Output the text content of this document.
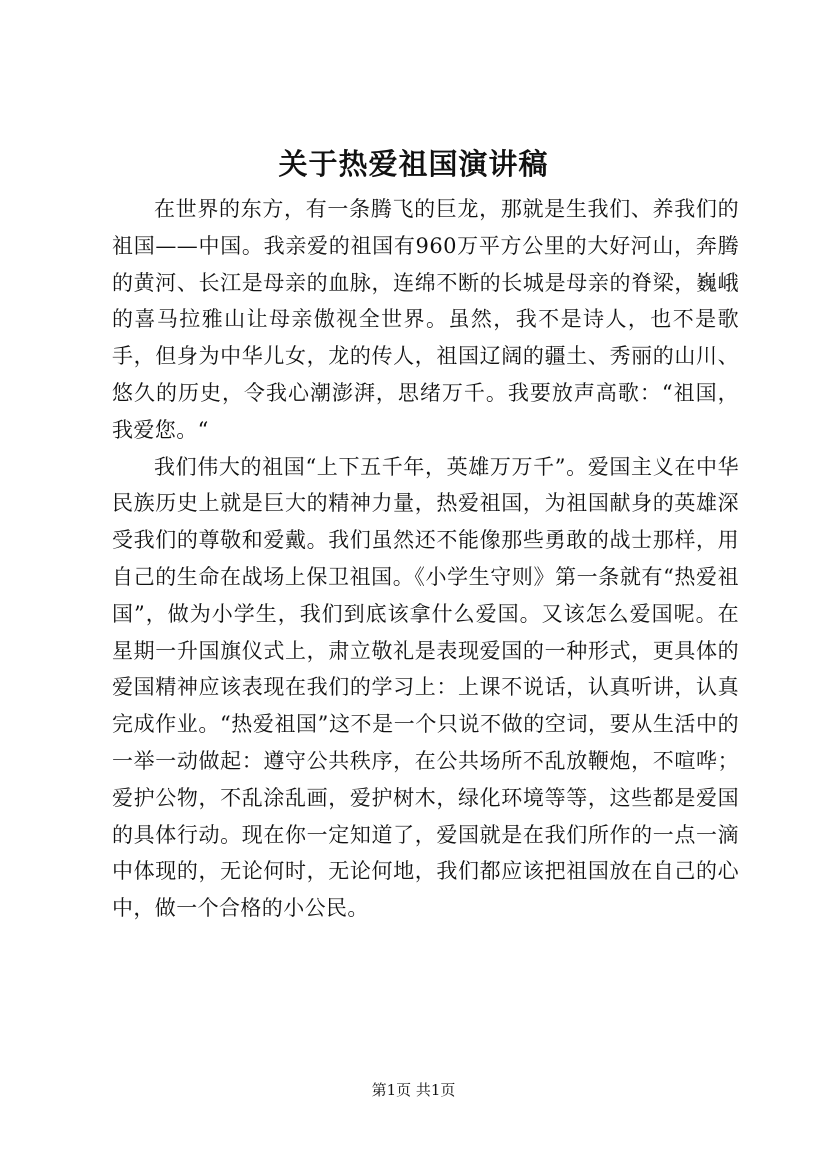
关于热爱祖国演讲稿

在世界的东方，有一条腾飞的巨龙，那就是生我们、养我们的祖国——中国。我亲爱的祖国有960万平方公里的大好河山，奔腾的黄河、长江是母亲的血脉，连绵不断的长城是母亲的脊梁，巍峨的喜马拉雅山让母亲傲视全世界。虽然，我不是诗人，也不是歌手，但身为中华儿女，龙的传人，祖国辽阔的疆土、秀丽的山川、悠久的历史，令我心潮澎湃，思绪万千。我要放声高歌：“祖国，我爱您。“

我们伟大的祖国“上下五千年，英雄万万千”。爱国主义在中华民族历史上就是巨大的精神力量，热爱祖国，为祖国献身的英雄深受我们的尊敬和爱戴。我们虽然还不能像那些勇敢的战士那样，用自己的生命在战场上保卫祖国。《小学生守则》第一条就有“热爱祖国”，做为小学生，我们到底该拿什么爱国。又该怎么爱国呢。在星期一升国旗仪式上，肃立敬礼是表现爱国的一种形式，更具体的爱国精神应该表现在我们的学习上：上课不说话，认真听讲，认真完成作业。“热爱祖国”这不是一个只说不做的空词，要从生活中的一举一动做起：遵守公共秩序，在公共场所不乱放鞭炮，不喧哗；爱护公物，不乱涂乱画，爱护树木，绿化环境等等，这些都是爱国的具体行动。现在你一定知道了，爱国就是在我们所作的一点一滴中体现的，无论何时，无论何地，我们都应该把祖国放在自己的心中，做一个合格的小公民。

第1页 共1页
